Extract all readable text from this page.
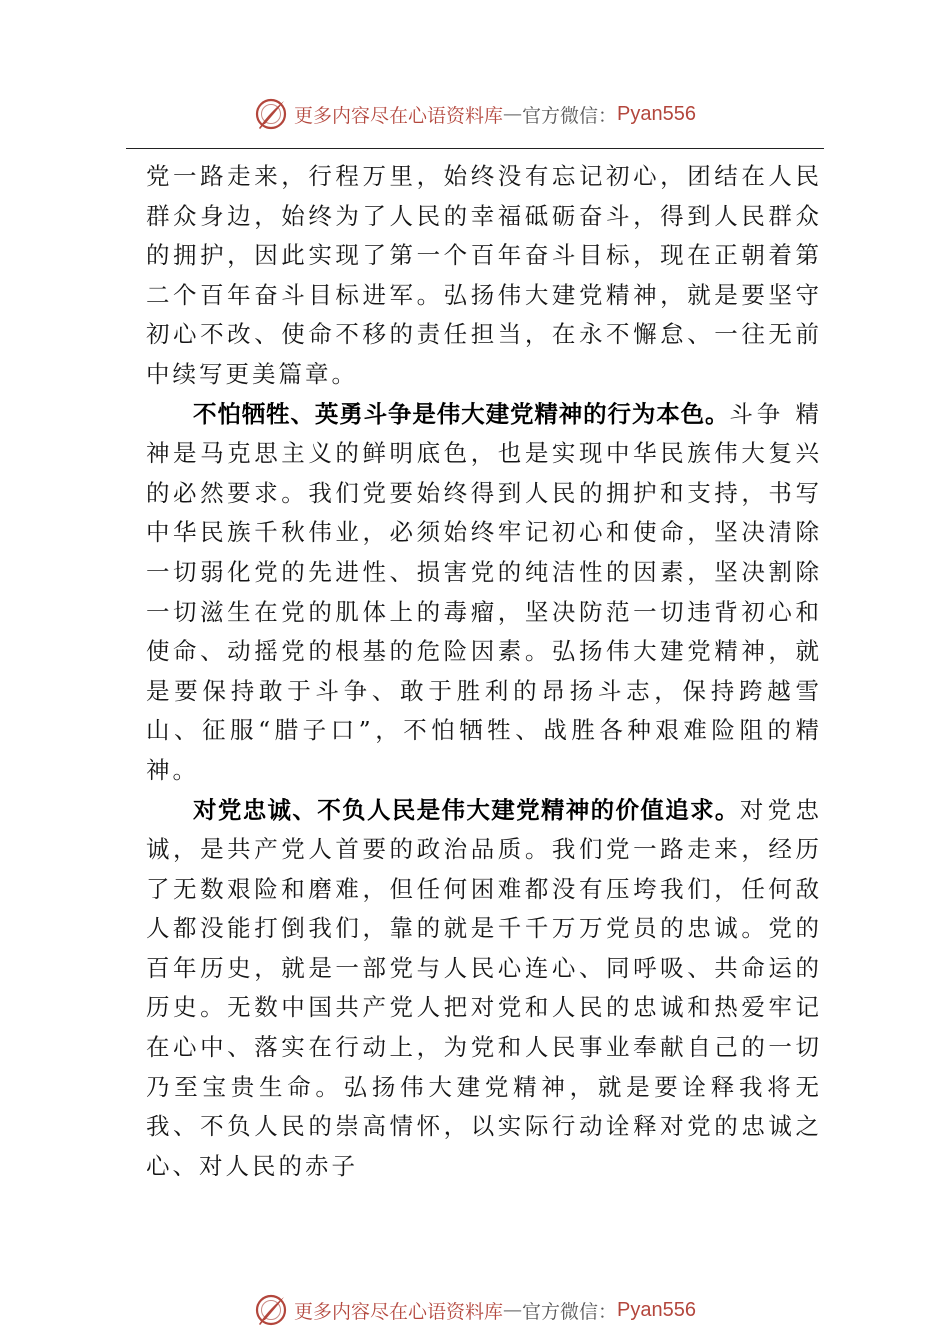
更多内容尽在心语资料库 — 官方微信： Pyan556

党一路走来，行程万里，始终没有忘记初心，团结在人民群众身边，始终为了人民的幸福砥砺奋斗，得到人民群众的拥护，因此实现了第一个百年奋斗目标，现在正朝着第二个百年奋斗目标进军。弘扬伟大建党精神，就是要坚守初心不改、使命不移的责任担当，在永不懈怠、一往无前中续写更美篇章。

不怕牺牲、英勇斗争是伟大建党精神的行为本色。斗争 精神是马克思主义的鲜明底色，也是实现中华民族伟大复兴的必然要求。我们党要始终得到人民的拥护和支持，书写中华民族千秋伟业，必须始终牢记初心和使命，坚决清除一切弱化党的先进性、损害党的纯洁性的因素，坚决割除一切滋生在党的肌体上的毒瘤，坚决防范一切违背初心和使命、动摇党的根基的危险因素。弘扬伟大建党精神，就是要保持敢于斗争、敢于胜利的昂扬斗志，保持跨越雪山、征服“腊子口”，不怕牺牲、战胜各种艰难险阻的精神。

对党忠诚、不负人民是伟大建党精神的价值追求。对党忠诚，是共产党人首要的政治品质。我们党一路走来，经历了无数艰险和磨难，但任何困难都没有压垮我们，任何敌人都没能打倒我们，靠的就是千千万万党员的忠诚。党的百年历史，就是一部党与人民心连心、同呼吸、共命运的历史。无数中国共产党人把对党和人民的忠诚和热爱牢记在心中、落实在行动上，为党和人民事业奉献自己的一切乃至宝贵生命。弘扬伟大建党精神，就是要诠释我将无我、不负人民的崇高情怀，以实际行动诠释对党的忠诚之心、对人民的赤子

更多内容尽在心语资料库 — 官方微信： Pyan556
